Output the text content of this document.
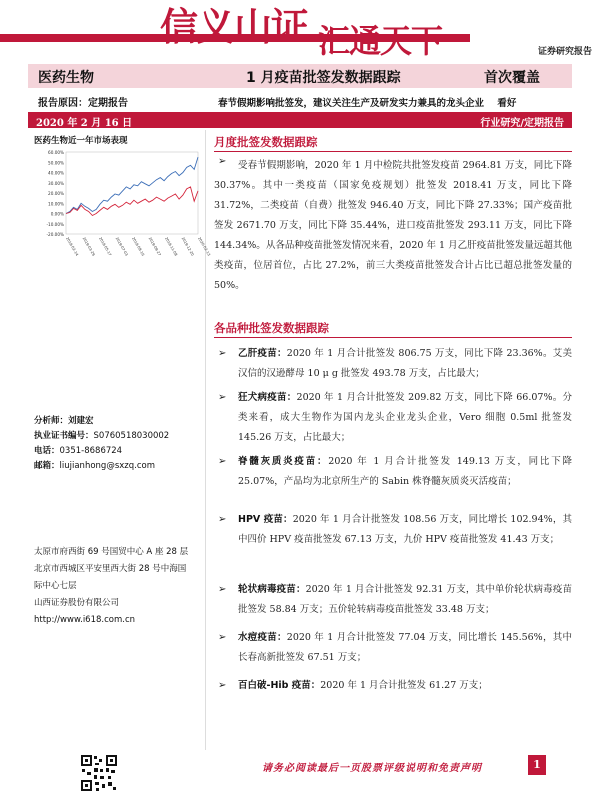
信义山证 $_{汇通天下}$	证券研究报告
医药生物	1 月疫苗批签发数据跟踪	首次覆盖
报告原因：定期报告	春节假期影响批签发，建议关注生产及研发实力兼具的龙头企业 看好
2020 年 2 月 16 日	行业研究/定期报告
医药生物近一年市场表现
60.00%
50.00%
40.00%
30.00%
20.00%
10.00%
0.00%
-10.00%
-20.00%
2019-02-14 2019-03-29 2019-05-17 2019-07-03 2019-08-16 2019-09-27 2019-11-08 2019-12-20 2020-02-13
分析师：刘建宏
执业证书编号：S0760518030002
电话：0351-8686724
邮箱：liujianhong@sxzq.com
太原市府西街 69 号国贸中心 A 座 28 层
北京市西城区平安里西大街 28 号中海国
际中心七层
山西证券股份有限公司
http://www.i618.com.cn
月度批签发数据跟踪
➢	受春节假期影响，2020 年 1 月中检院共批签发疫苗 2964.81 万支，同比下降 30.37%。其中一类疫苗（国家免疫规划）批签发 2018.41 万支，同比下降 31.72%，二类疫苗（自费）批签发 946.40 万支，同比下降 27.33%；国产疫苗批签发 2671.70 万支，同比下降 35.44%，进口疫苗批签发 293.11 万支，同比下降 144.34%。从各品种疫苗批签发情况来看，2020 年 1 月乙肝疫苗批签发量远超其他类疫苗，位居首位，占比 27.2%，前三大类疫苗批签发合计占比已超总批签发量的 50%。
各品种批签发数据跟踪
➢ 乙肝疫苗：2020 年 1 月合计批签发 806.75 万支，同比下降 23.36%。艾美汉信的汉逊酵母 10 μ g 批签发 493.78 万支，占比最大；
➢ 狂犬病疫苗：2020 年 1 月合计批签发 209.82 万支，同比下降 66.07%。分类来看，成大生物作为国内龙头企业龙头企业，Vero 细胞 0.5ml 批签发 145.26 万支，占比最大；
➢ 脊髓灰质炎疫苗：2020 年 1 月合计批签发 149.13 万支，同比下降 25.07%，产品均为北京所生产的 Sabin 株脊髓灰质炎灭活疫苗；
➢ HPV 疫苗：2020 年 1 月合计批签发 108.56 万支，同比增长 102.94%，其中四价 HPV 疫苗批签发 67.13 万支，九价 HPV 疫苗批签发 41.43 万支；
➢ 轮状病毒疫苗：2020 年 1 月合计批签发 92.31 万支，其中单价轮状病毒疫苗批签发 58.84 万支；五价轮转病毒疫苗批签发 33.48 万支；
➢ 水痘疫苗：2020 年 1 月合计批签发 77.04 万支，同比增长 145.56%，其中长春高新批签发 67.51 万支；
➢ 百白破-Hib 疫苗：2020 年 1 月合计批签发 61.27 万支；
请务必阅读最后一页股票评级说明和免责声明	1
